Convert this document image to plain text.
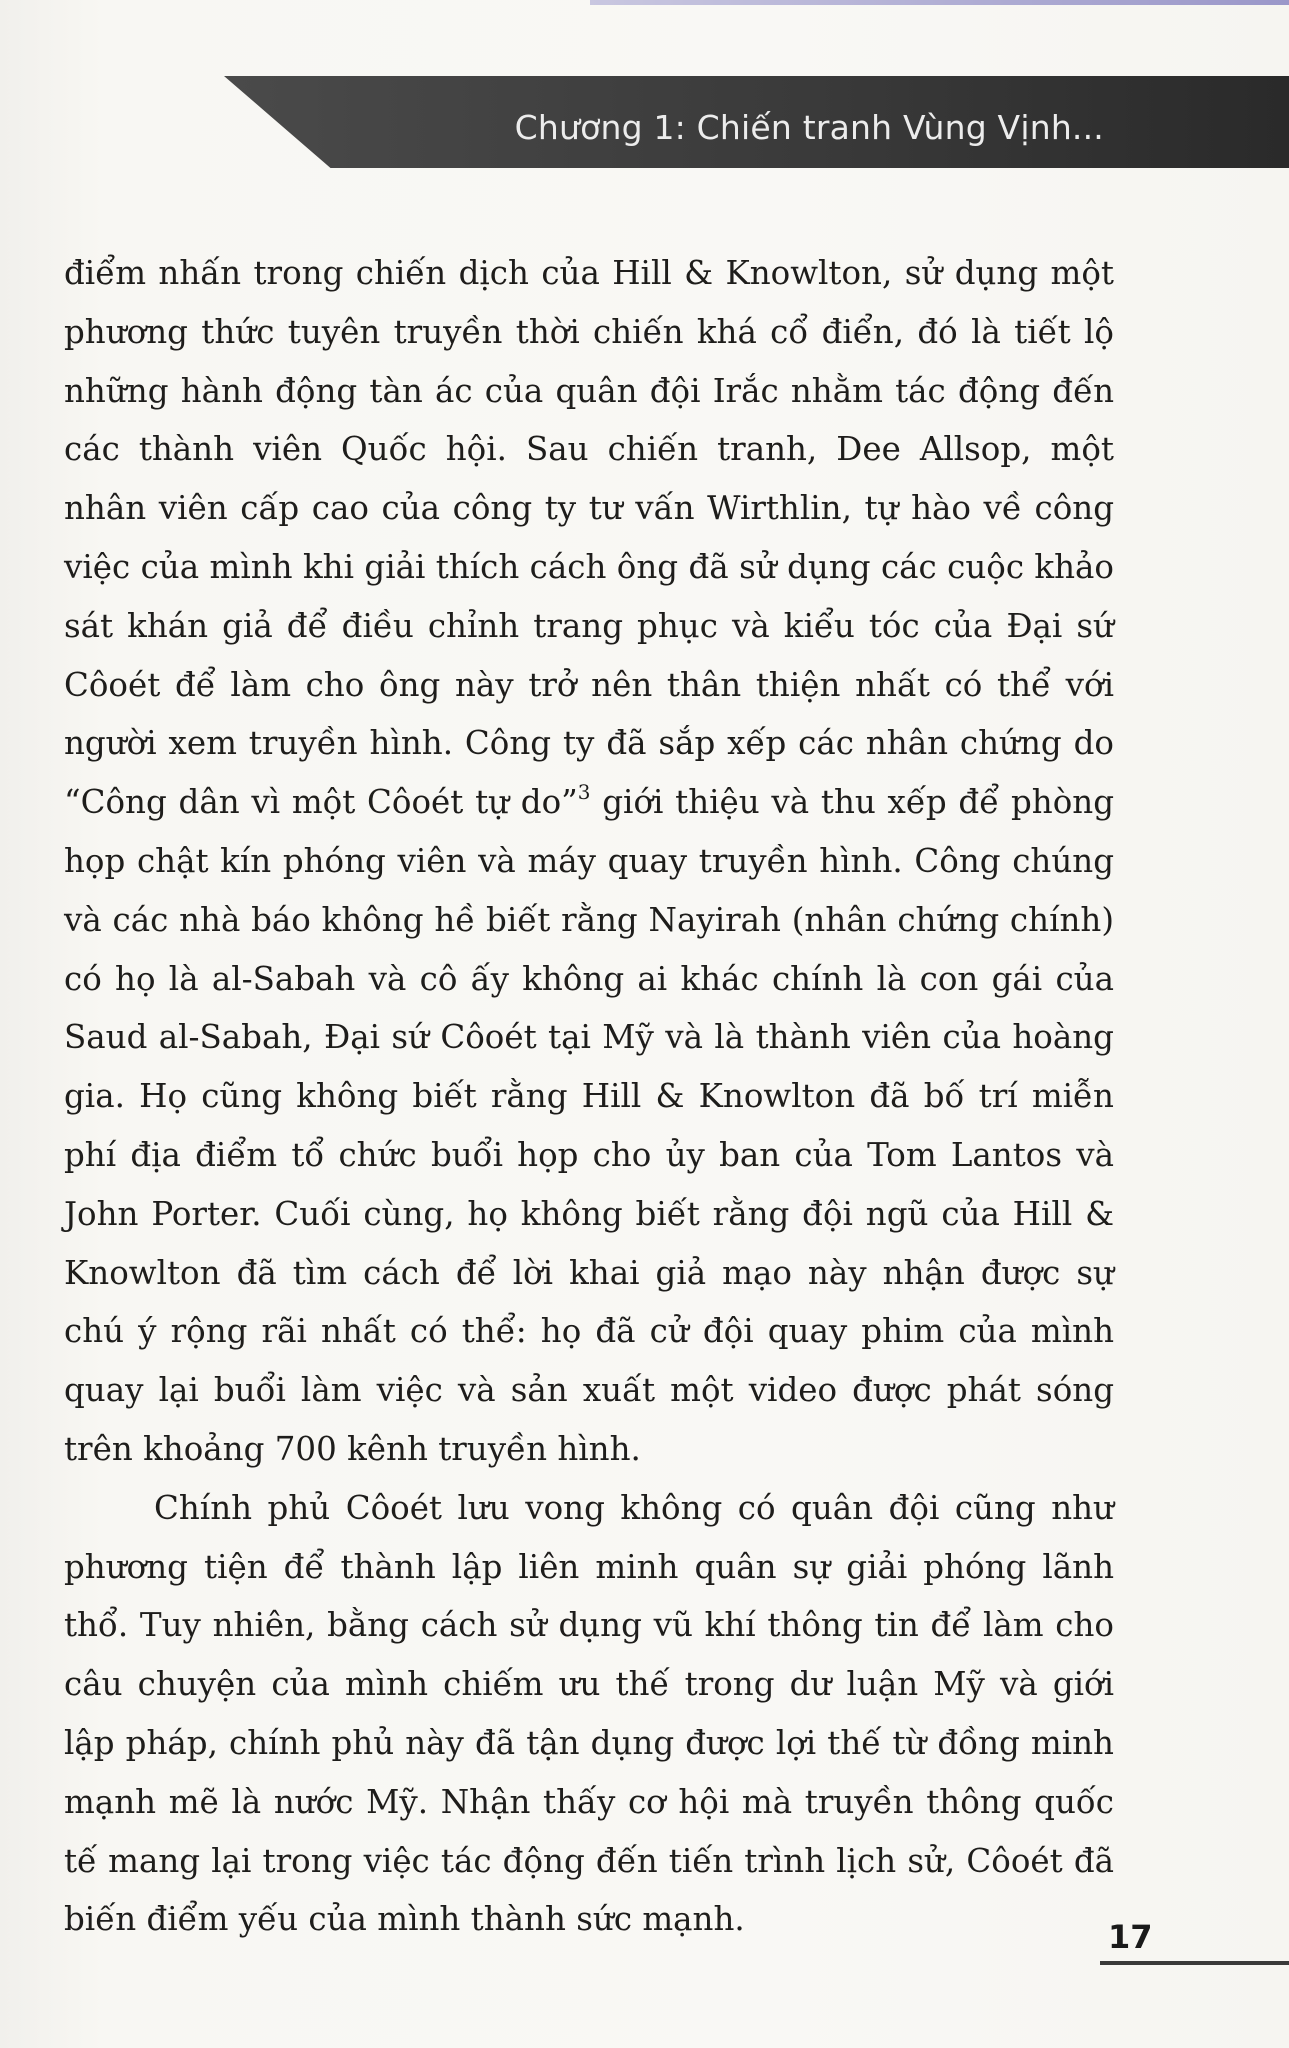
Chương 1: Chiến tranh Vùng Vịnh...

điểm nhấn trong chiến dịch của Hill & Knowlton, sử dụng một phương thức tuyên truyền thời chiến khá cổ điển, đó là tiết lộ những hành động tàn ác của quân đội Irắc nhằm tác động đến các thành viên Quốc hội. Sau chiến tranh, Dee Allsop, một nhân viên cấp cao của công ty tư vấn Wirthlin, tự hào về công việc của mình khi giải thích cách ông đã sử dụng các cuộc khảo sát khán giả để điều chỉnh trang phục và kiểu tóc của Đại sứ Côoét để làm cho ông này trở nên thân thiện nhất có thể với người xem truyền hình. Công ty đã sắp xếp các nhân chứng do “Công dân vì một Côoét tự do”$^3$ giới thiệu và thu xếp để phòng họp chật kín phóng viên và máy quay truyền hình. Công chúng và các nhà báo không hề biết rằng Nayirah (nhân chứng chính) có họ là al-Sabah và cô ấy không ai khác chính là con gái của Saud al-Sabah, Đại sứ Côoét tại Mỹ và là thành viên của hoàng gia. Họ cũng không biết rằng Hill & Knowlton đã bố trí miễn phí địa điểm tổ chức buổi họp cho ủy ban của Tom Lantos và John Porter. Cuối cùng, họ không biết rằng đội ngũ của Hill & Knowlton đã tìm cách để lời khai giả mạo này nhận được sự chú ý rộng rãi nhất có thể: họ đã cử đội quay phim của mình quay lại buổi làm việc và sản xuất một video được phát sóng trên khoảng 700 kênh truyền hình.

Chính phủ Côoét lưu vong không có quân đội cũng như phương tiện để thành lập liên minh quân sự giải phóng lãnh thổ. Tuy nhiên, bằng cách sử dụng vũ khí thông tin để làm cho câu chuyện của mình chiếm ưu thế trong dư luận Mỹ và giới lập pháp, chính phủ này đã tận dụng được lợi thế từ đồng minh mạnh mẽ là nước Mỹ. Nhận thấy cơ hội mà truyền thông quốc tế mang lại trong việc tác động đến tiến trình lịch sử, Côoét đã biến điểm yếu của mình thành sức mạnh.	17
